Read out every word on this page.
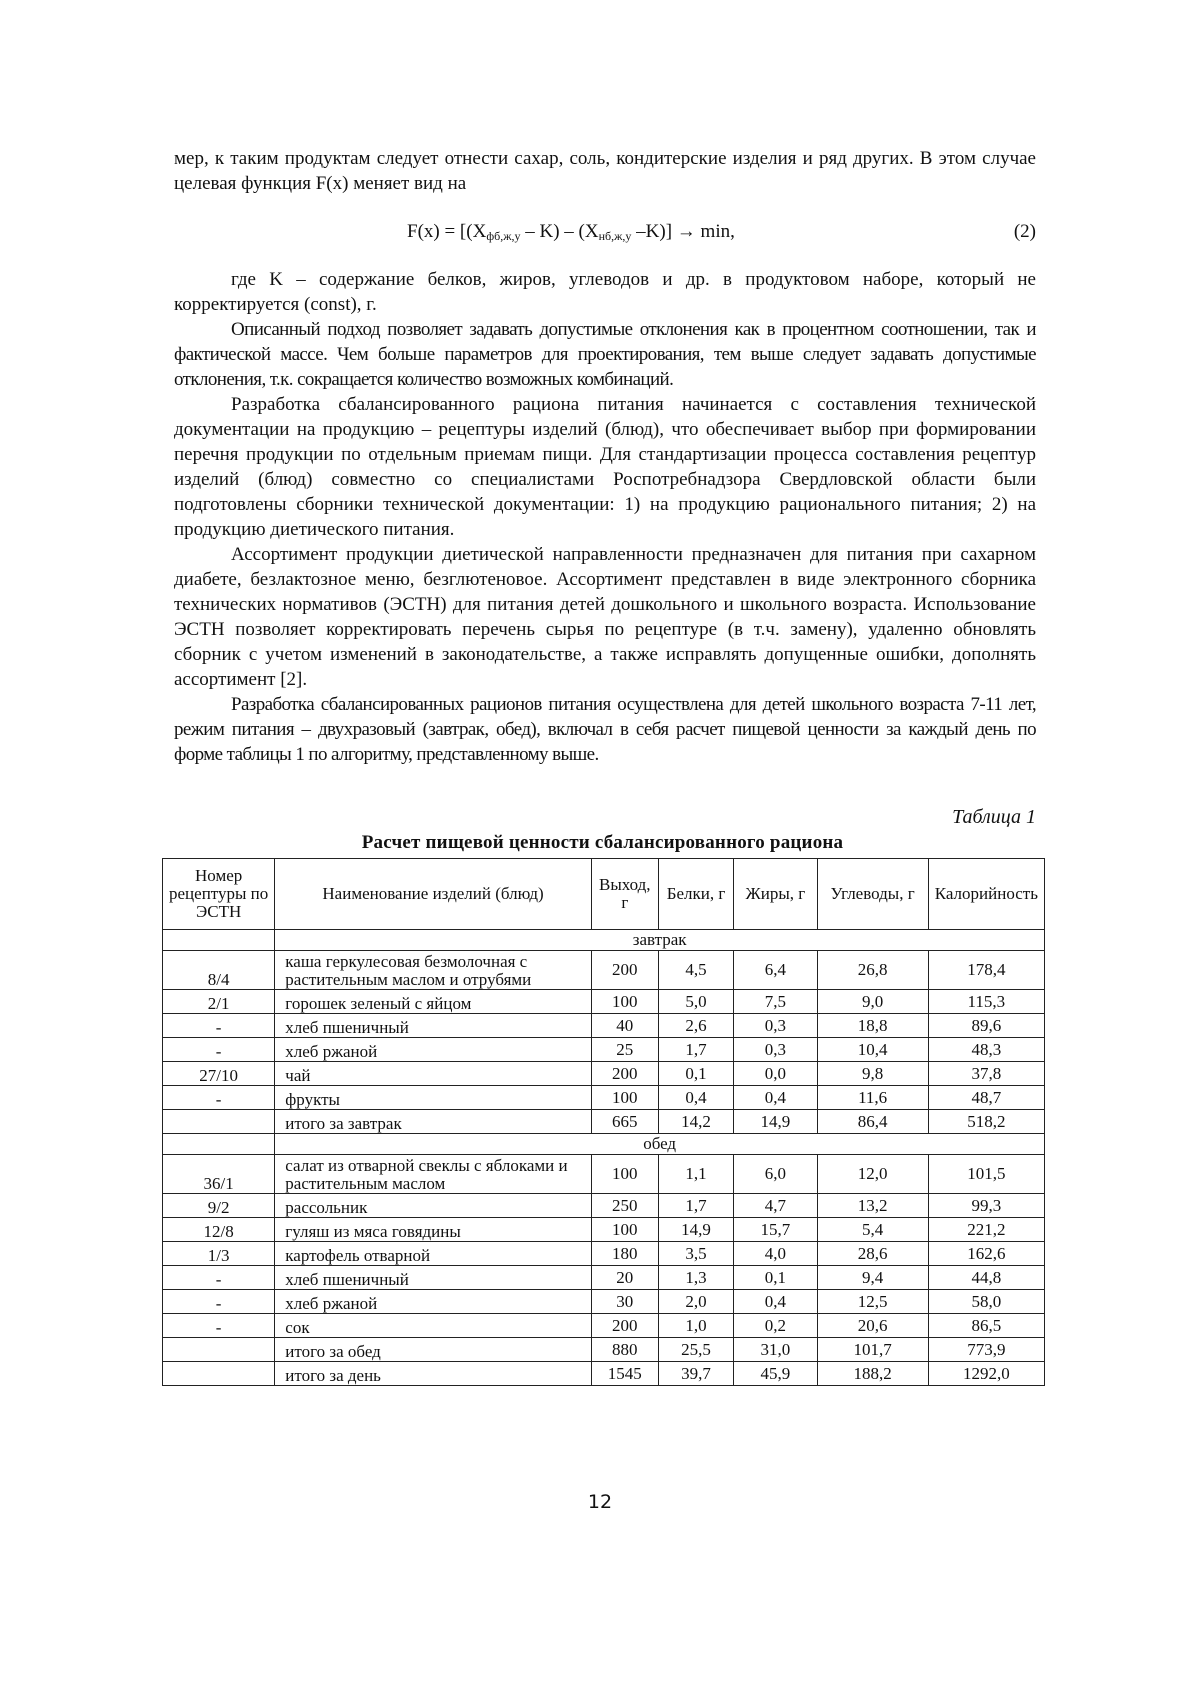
мер, к таким продуктам следует отнести сахар, соль, кондитерские изделия и ряд других. В этом случае целевая функция F(x) меняет вид на

F(x) = [(Xфб,ж,у – K) – (Xнб,ж,у –K)] → min,	(2)

где K – содержание белков, жиров, углеводов и др. в продуктовом наборе, который не корректируется (const), г.

Описанный подход позволяет задавать допустимые отклонения как в процентном соотношении, так и фактической массе. Чем больше параметров для проектирования, тем выше следует задавать допустимые отклонения, т.к. сокращается количество возможных комбинаций.

Разработка сбалансированного рациона питания начинается с составления технической документации на продукцию – рецептуры изделий (блюд), что обеспечивает выбор при формировании перечня продукции по отдельным приемам пищи. Для стандартизации процесса составления рецептур изделий (блюд) совместно со специалистами Роспотребнадзора Свердловской области были подготовлены сборники технической документации: 1) на продукцию рационального питания; 2) на продукцию диетического питания.

Ассортимент продукции диетической направленности предназначен для питания при сахарном диабете, безлактозное меню, безглютеновое. Ассортимент представлен в виде электронного сборника технических нормативов (ЭСТН) для питания детей дошкольного и школьного возраста. Использование ЭСТН позволяет корректировать перечень сырья по рецептуре (в т.ч. замену), удаленно обновлять сборник с учетом изменений в законодательстве, а также исправлять допущенные ошибки, дополнять ассортимент [2].

Разработка сбалансированных рационов питания осуществлена для детей школьного возраста 7-11 лет, режим питания – двухразовый (завтрак, обед), включал в себя расчет пищевой ценности за каждый день по форме таблицы 1 по алгоритму, представленному выше.

Таблица 1
Расчет пищевой ценности сбалансированного рациона
Номер рецептуры по ЭСТН	Наименование изделий (блюд)	Выход, г	Белки, г	Жиры, г	Углеводы, г	Калорийность
	завтрак
8/4	каша геркулесовая безмолочная с растительным маслом и отрубями	200	4,5	6,4	26,8	178,4
2/1	горошек зеленый с яйцом	100	5,0	7,5	9,0	115,3
-	хлеб пшеничный	40	2,6	0,3	18,8	89,6
-	хлеб ржаной	25	1,7	0,3	10,4	48,3
27/10	чай	200	0,1	0,0	9,8	37,8
-	фрукты	100	0,4	0,4	11,6	48,7
	итого за завтрак	665	14,2	14,9	86,4	518,2
	обед
36/1	салат из отварной свеклы с яблоками и растительным маслом	100	1,1	6,0	12,0	101,5
9/2	рассольник	250	1,7	4,7	13,2	99,3
12/8	гуляш из мяса говядины	100	14,9	15,7	5,4	221,2
1/3	картофель отварной	180	3,5	4,0	28,6	162,6
-	хлеб пшеничный	20	1,3	0,1	9,4	44,8
-	хлеб ржаной	30	2,0	0,4	12,5	58,0
-	сок	200	1,0	0,2	20,6	86,5
	итого за обед	880	25,5	31,0	101,7	773,9
	итого за день	1545	39,7	45,9	188,2	1292,0
12
